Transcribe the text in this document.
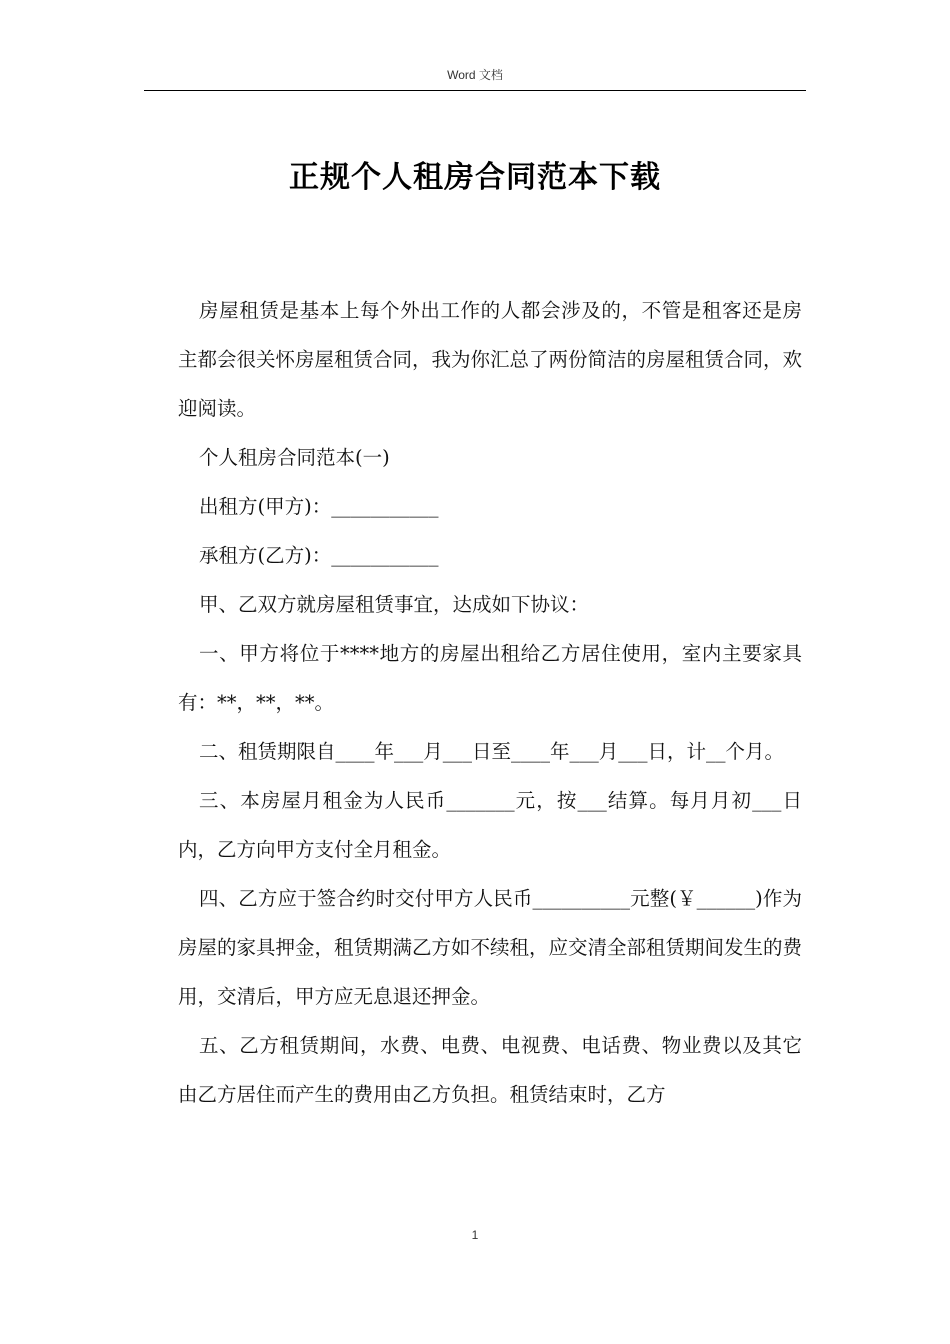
Word 文档
正规个人租房合同范本下载

房屋租赁是基本上每个外出工作的人都会涉及的，不管是租客还是房主都会很关怀房屋租赁合同，我为你汇总了两份简洁的房屋租赁合同，欢迎阅读。

个人租房合同范本(一)

出租方(甲方)：___________

承租方(乙方)：___________

甲、乙双方就房屋租赁事宜，达成如下协议：

一、甲方将位于****地方的房屋出租给乙方居住使用，室内主要家具有：**，**，**。

二、租赁期限自____年___月___日至____年___月___日，计__个月。

三、本房屋月租金为人民币_______元，按___结算。每月月初___日内，乙方向甲方支付全月租金。

四、乙方应于签合约时交付甲方人民币__________元整(￥______)作为房屋的家具押金，租赁期满乙方如不续租，应交清全部租赁期间发生的费用，交清后，甲方应无息退还押金。

五、乙方租赁期间，水费、电费、电视费、电话费、物业费以及其它由乙方居住而产生的费用由乙方负担。租赁结束时，乙方

1
